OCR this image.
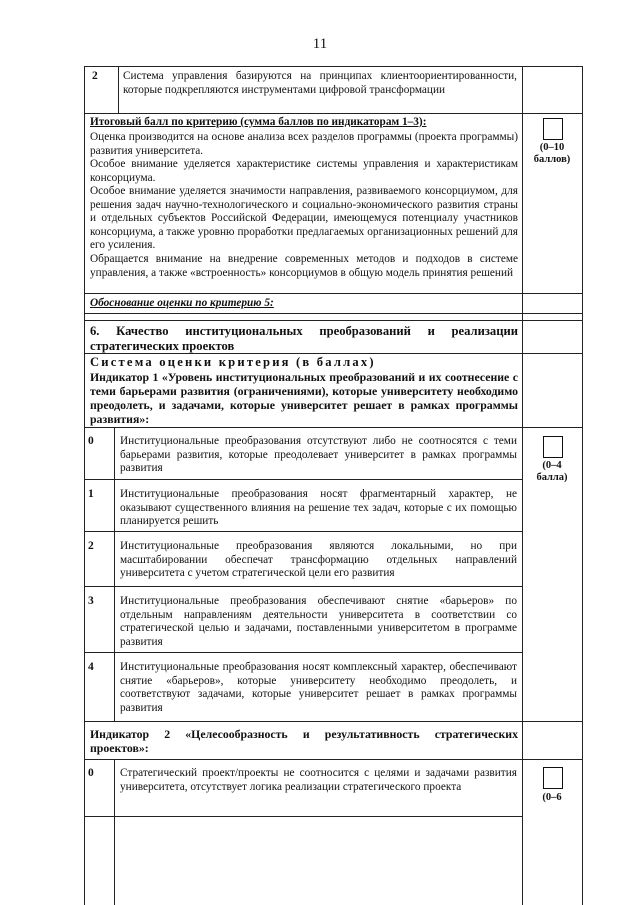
11
2 Система управления базируются на принципах клиентоориентированности, которые подкрепляются инструментами цифровой трансформации
Итоговый балл по критерию (сумма баллов по индикаторам 1–3):
Оценка производится на основе анализа всех разделов программы (проекта программы) развития университета.
Особое внимание уделяется характеристике системы управления и характеристикам консорциума.
Особое внимание уделяется значимости направления, развиваемого консорциумом, для решения задач научно-технологического и социально-экономического развития страны и отдельных субъектов Российской Федерации, имеющемуся потенциалу участников консорциума, а также уровню проработки предлагаемых организационных решений для его усиления.
Обращается внимание на внедрение современных методов и подходов в системе управления, а также «встроенность» консорциумов в общую модель принятия решений
(0–10 баллов)
Обоснование оценки по критерию 5:
6. Качество институциональных преобразований и реализации стратегических проектов
Система оценки критерия (в баллах)
Индикатор 1 «Уровень институциональных преобразований и их соотнесение с теми барьерами развития (ограничениями), которые университету необходимо преодолеть, и задачами, которые университет решает в рамках программы развития»:
0 Институциональные преобразования отсутствуют либо не соотносятся с теми барьерами развития, которые преодолевает университет в рамках программы развития
1 Институциональные преобразования носят фрагментарный характер, не оказывают существенного влияния на решение тех задач, которые с их помощью планируется решить
2 Институциональные преобразования являются локальными, но при масштабировании обеспечат трансформацию отдельных направлений университета с учетом стратегической цели его развития
3 Институциональные преобразования обеспечивают снятие «барьеров» по отдельным направлениям деятельности университета в соответствии со стратегической целью и задачами, поставленными университетом в программе развития
4 Институциональные преобразования носят комплексный характер, обеспечивают снятие «барьеров», которые университету необходимо преодолеть, и соответствуют задачами, которые университет решает в рамках программы развития
(0–4 балла)
Индикатор 2 «Целесообразность и результативность стратегических проектов»:
0 Стратегический проект/проекты не соотносится с целями и задачами развития университета, отсутствует логика реализации стратегического проекта
(0–6
